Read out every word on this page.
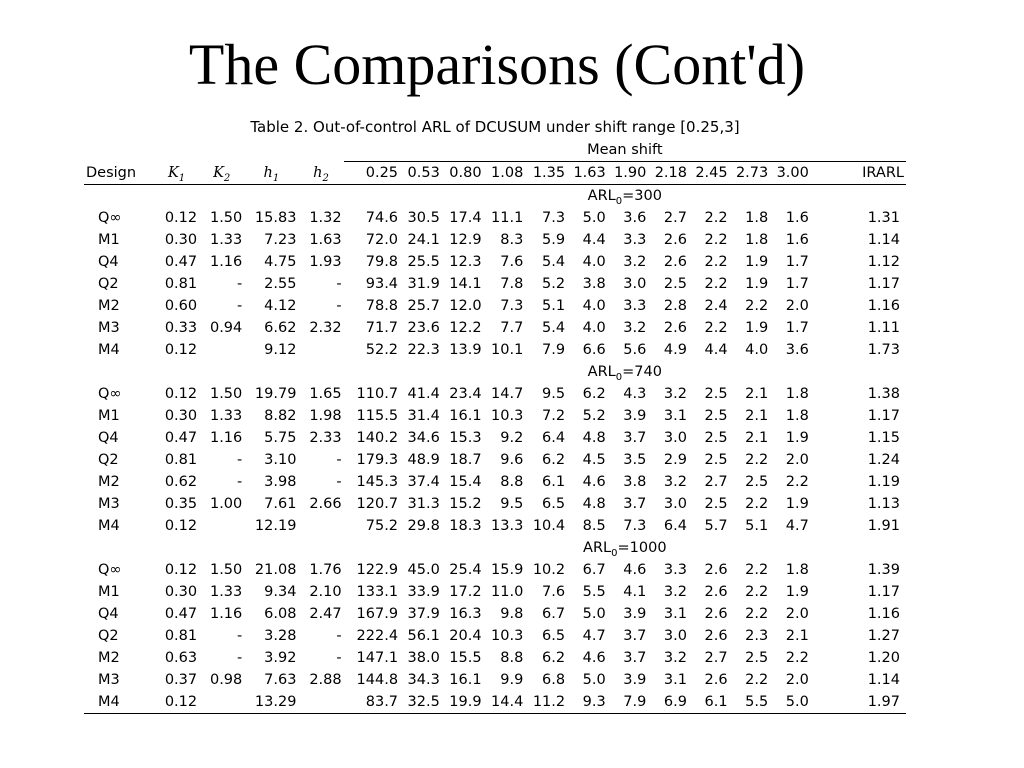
The Comparisons (Cont'd)
Table 2. Out-of-control ARL of DCUSUM under shift range [0.25,3]
					Mean shift											
Design	$K_1$	$K_2$	$h_1$	$h_2$	0.25	0.53	0.80	1.08	1.35	1.63	1.90	2.18	2.45	2.73	3.00	IRARL
					$ARL_0=300$											
Q∞	0.12	1.50	15.83	1.32	74.6	30.5	17.4	11.1	7.3	5.0	3.6	2.7	2.2	1.8	1.6	1.31
M1	0.30	1.33	7.23	1.63	72.0	24.1	12.9	8.3	5.9	4.4	3.3	2.6	2.2	1.8	1.6	1.14
Q4	0.47	1.16	4.75	1.93	79.8	25.5	12.3	7.6	5.4	4.0	3.2	2.6	2.2	1.9	1.7	1.12
Q2	0.81	-	2.55	-	93.4	31.9	14.1	7.8	5.2	3.8	3.0	2.5	2.2	1.9	1.7	1.17
M2	0.60	-	4.12	-	78.8	25.7	12.0	7.3	5.1	4.0	3.3	2.8	2.4	2.2	2.0	1.16
M3	0.33	0.94	6.62	2.32	71.7	23.6	12.2	7.7	5.4	4.0	3.2	2.6	2.2	1.9	1.7	1.11
M4	0.12		9.12		52.2	22.3	13.9	10.1	7.9	6.6	5.6	4.9	4.4	4.0	3.6	1.73
					$ARL_0=740$											
Q∞	0.12	1.50	19.79	1.65	110.7	41.4	23.4	14.7	9.5	6.2	4.3	3.2	2.5	2.1	1.8	1.38
M1	0.30	1.33	8.82	1.98	115.5	31.4	16.1	10.3	7.2	5.2	3.9	3.1	2.5	2.1	1.8	1.17
Q4	0.47	1.16	5.75	2.33	140.2	34.6	15.3	9.2	6.4	4.8	3.7	3.0	2.5	2.1	1.9	1.15
Q2	0.81	-	3.10	-	179.3	48.9	18.7	9.6	6.2	4.5	3.5	2.9	2.5	2.2	2.0	1.24
M2	0.62	-	3.98	-	145.3	37.4	15.4	8.8	6.1	4.6	3.8	3.2	2.7	2.5	2.2	1.19
M3	0.35	1.00	7.61	2.66	120.7	31.3	15.2	9.5	6.5	4.8	3.7	3.0	2.5	2.2	1.9	1.13
M4	0.12		12.19		75.2	29.8	18.3	13.3	10.4	8.5	7.3	6.4	5.7	5.1	4.7	1.91
					$ARL_0=1000$											
Q∞	0.12	1.50	21.08	1.76	122.9	45.0	25.4	15.9	10.2	6.7	4.6	3.3	2.6	2.2	1.8	1.39
M1	0.30	1.33	9.34	2.10	133.1	33.9	17.2	11.0	7.6	5.5	4.1	3.2	2.6	2.2	1.9	1.17
Q4	0.47	1.16	6.08	2.47	167.9	37.9	16.3	9.8	6.7	5.0	3.9	3.1	2.6	2.2	2.0	1.16
Q2	0.81	-	3.28	-	222.4	56.1	20.4	10.3	6.5	4.7	3.7	3.0	2.6	2.3	2.1	1.27
M2	0.63	-	3.92	-	147.1	38.0	15.5	8.8	6.2	4.6	3.7	3.2	2.7	2.5	2.2	1.20
M3	0.37	0.98	7.63	2.88	144.8	34.3	16.1	9.9	6.8	5.0	3.9	3.1	2.6	2.2	2.0	1.14
M4	0.12		13.29		83.7	32.5	19.9	14.4	11.2	9.3	7.9	6.9	6.1	5.5	5.0	1.97
